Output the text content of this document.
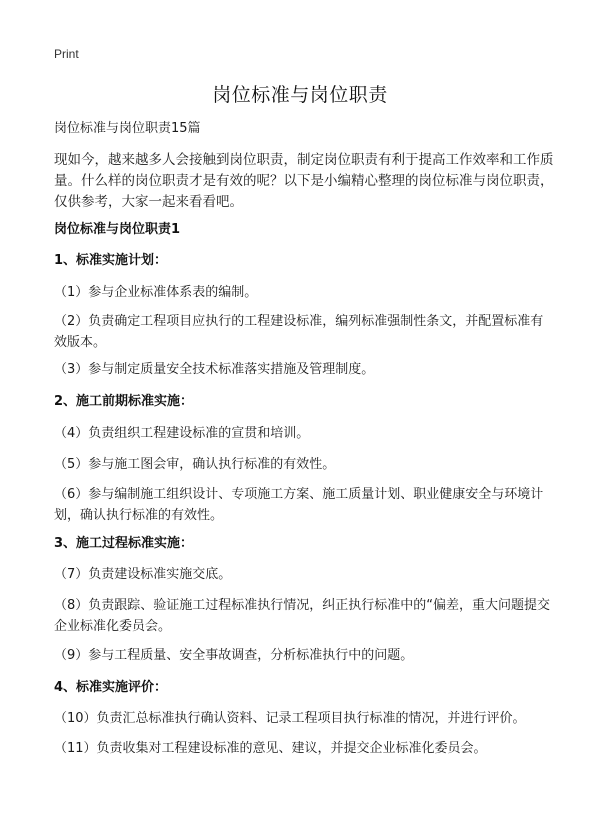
Print
岗位标准与岗位职责
岗位标准与岗位职责15篇
现如今，越来越多人会接触到岗位职责，制定岗位职责有利于提高工作效率和工作质量。什么样的岗位职责才是有效的呢？以下是小编精心整理的岗位标准与岗位职责，仅供参考，大家一起来看看吧。
岗位标准与岗位职责1
1、标准实施计划：
（1）参与企业标准体系表的编制。
（2）负责确定工程项目应执行的工程建设标准，编列标准强制性条文，并配置标准有效版本。
（3）参与制定质量安全技术标准落实措施及管理制度。
2、施工前期标准实施：
（4）负责组织工程建设标准的宣贯和培训。
（5）参与施工图会审，确认执行标准的有效性。
（6）参与编制施工组织设计、专项施工方案、施工质量计划、职业健康安全与环境计划，确认执行标准的有效性。
3、施工过程标准实施：
（7）负责建设标准实施交底。
（8）负责跟踪、验证施工过程标准执行情况，纠正执行标准中的“偏差，重大问题提交企业标准化委员会。
（9）参与工程质量、安全事故调查，分析标准执行中的问题。
4、标准实施评价：
（10）负责汇总标准执行确认资料、记录工程项目执行标准的情况，并进行评价。
（11）负责收集对工程建设标准的意见、建议，并提交企业标准化委员会。
